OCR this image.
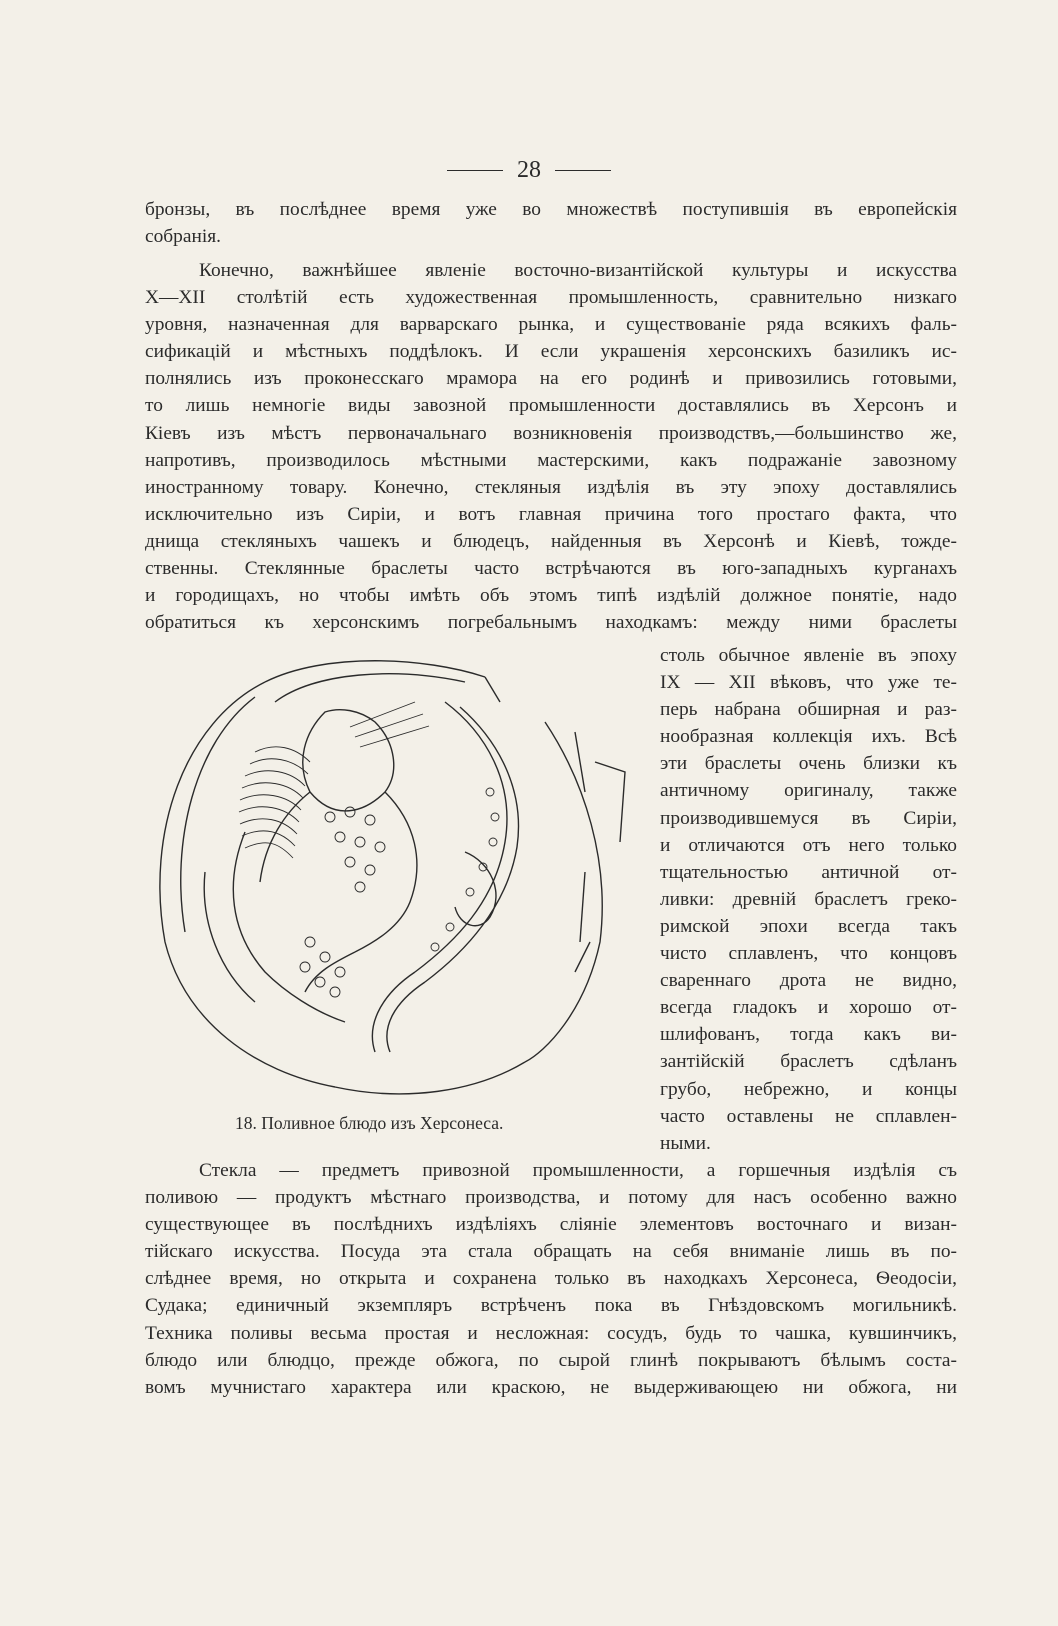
28
бронзы, въ послѣднее время уже во множествѣ поступившія въ европейскія
собранія.
Конечно, важнѣйшее явленіе восточно-византійской культуры и искусства
X—XII столѣтій есть художественная промышленность, сравнительно низкаго
уровня, назначенная для варварскаго рынка, и существованіе ряда всякихъ фаль-
сификацій и мѣстныхъ поддѣлокъ. И если украшенія херсонскихъ базиликъ ис-
полнялись изъ проконесскаго мрамора на его родинѣ и привозились готовыми,
то лишь немногіе виды завозной промышленности доставлялись въ Херсонъ и
Кіевъ изъ мѣстъ первоначальнаго возникновенія производствъ,—большинство же,
напротивъ, производилось мѣстными мастерскими, какъ подражаніе завозному
иностранному товару. Конечно, стекляныя издѣлія въ эту эпоху доставлялись
исключительно изъ Сиріи, и вотъ главная причина того простаго факта, что
днища стекляныхъ чашекъ и блюдецъ, найденныя въ Херсонѣ и Кіевѣ, тожде-
ственны. Стеклянные браслеты часто встрѣчаются въ юго-западныхъ курганахъ
и городищахъ, но чтобы имѣть объ этомъ типѣ издѣлій должное понятіе, надо
обратиться къ херсонскимъ погребальнымъ находкамъ: между ними браслеты
18. Поливное блюдо изъ Херсонеса.
столь обычное явленіе въ эпоху
IX — XII вѣковъ, что уже те-
перь набрана обширная и раз-
нообразная коллекція ихъ. Всѣ
эти браслеты очень близки къ
античному оригиналу, также
производившемуся въ Сиріи,
и отличаются отъ него только
тщательностью античной от-
ливки: древній браслетъ греко-
римской эпохи всегда такъ
чисто сплавленъ, что концовъ
свареннаго дрота не видно,
всегда гладокъ и хорошо от-
шлифованъ, тогда какъ ви-
зантійскій браслетъ сдѣланъ
грубо, небрежно, и концы
часто оставлены не сплавлен-
ными.
Стекла — предметъ привозной промышленности, а горшечныя издѣлія съ
поливою — продуктъ мѣстнаго производства, и потому для насъ особенно важно
существующее въ послѣднихъ издѣліяхъ сліяніе элементовъ восточнаго и визан-
тійскаго искусства. Посуда эта стала обращать на себя вниманіе лишь въ по-
слѣднее время, но открыта и сохранена только въ находкахъ Херсонеса, Ѳеодосіи,
Судака; единичный экземпляръ встрѣченъ пока въ Гнѣздовскомъ могильникѣ.
Техника поливы весьма простая и несложная: сосудъ, будь то чашка, кувшинчикъ,
блюдо или блюдцо, прежде обжога, по сырой глинѣ покрываютъ бѣлымъ соста-
вомъ мучнистаго характера или краскою, не выдерживающею ни обжога, ни
